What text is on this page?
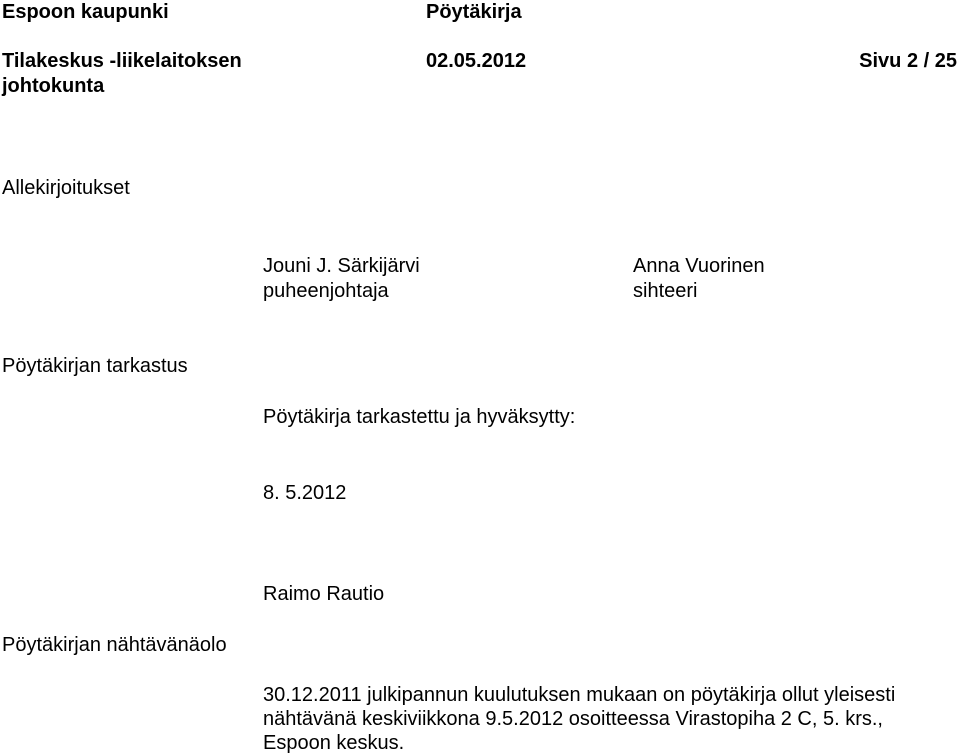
Espoon kaupunki	Pöytäkirja
Tilakeskus -liikelaitoksen
johtokunta
02.05.2012	Sivu 2 / 25
Allekirjoitukset
Jouni J. Särkijärvi
puheenjohtaja
Anna Vuorinen
sihteeri
Pöytäkirjan tarkastus
Pöytäkirja tarkastettu ja hyväksytty:
8. 5.2012
Raimo Rautio
Pöytäkirjan nähtävänäolo
30.12.2011 julkipannun kuulutuksen mukaan on pöytäkirja ollut yleisesti
nähtävänä keskiviikkona 9.5.2012 osoitteessa Virastopiha 2 C, 5. krs.,
Espoon keskus.
